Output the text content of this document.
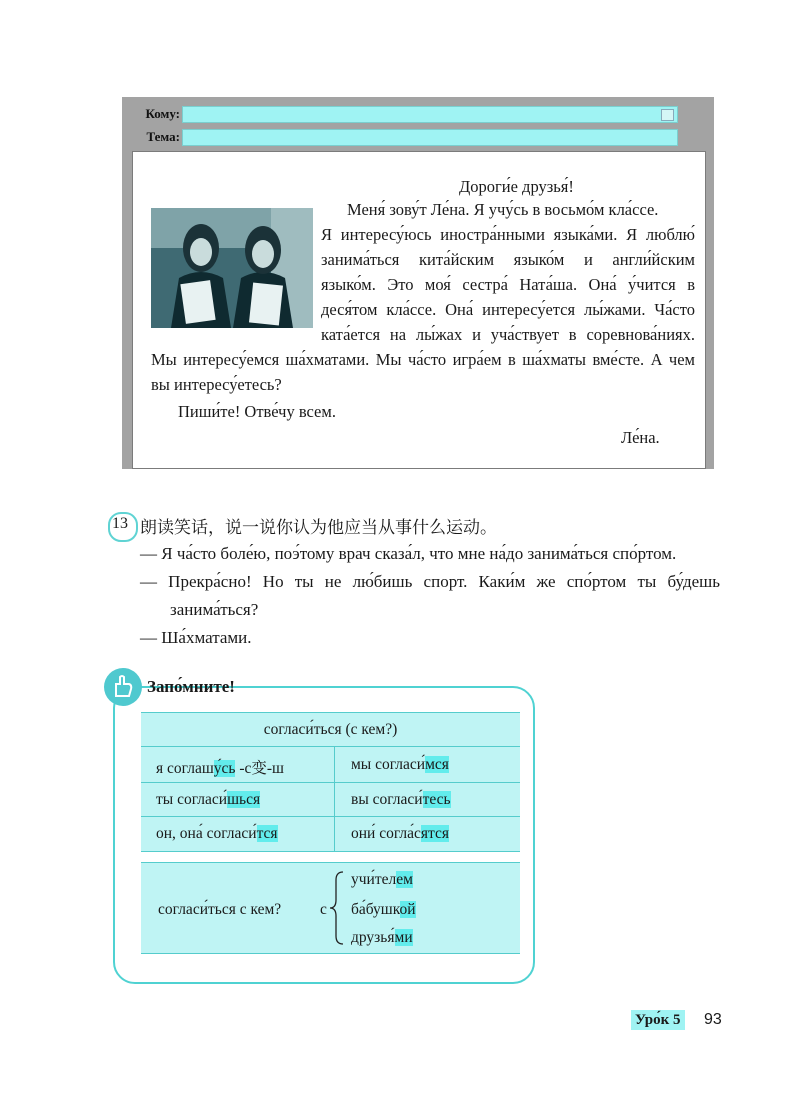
Кому:
Тема:
Дороги́е друзья́!
Меня́ зову́т Ле́на. Я учу́сь в восьмо́м кла́ссе.
Я интересу́юсь иностра́нными языка́ми. Я люблю́
занима́ться кита́йским языко́м и англи́йским
языко́м. Это моя́ сестра́ Ната́ша. Она́ у́чится в
деся́том кла́ссе. Она́ интересу́ется лы́жами. Ча́сто
ката́ется на лы́жах и уча́ствует в соревнова́ниях.
Мы интересу́емся ша́хматами. Мы ча́сто игра́ем в ша́хматы вме́сте. А чем
вы интересу́етесь?
Пиши́те! Отве́чу всем.
Ле́на.
13 朗读笑话，说一说你认为他应当从事什么运动。
— Я ча́сто боле́ю, поэ́тому врач сказа́л, что мне на́до занима́ться спо́ртом.
— Прекра́сно! Но ты не лю́бишь спорт. Каки́м же спо́ртом ты бу́дешь
занима́ться?
— Ша́хматами.
Запо́мните!
согласи́ться (с кем?)
я соглашу́сь -с变-ш	мы согласи́мся
ты согласи́шься	вы согласи́тесь
он, она́ согласи́тся	они́ согла́сятся
согласи́ться с кем?	с
учи́телем
ба́бушкой
друзья́ми
Уро́к 5 93
